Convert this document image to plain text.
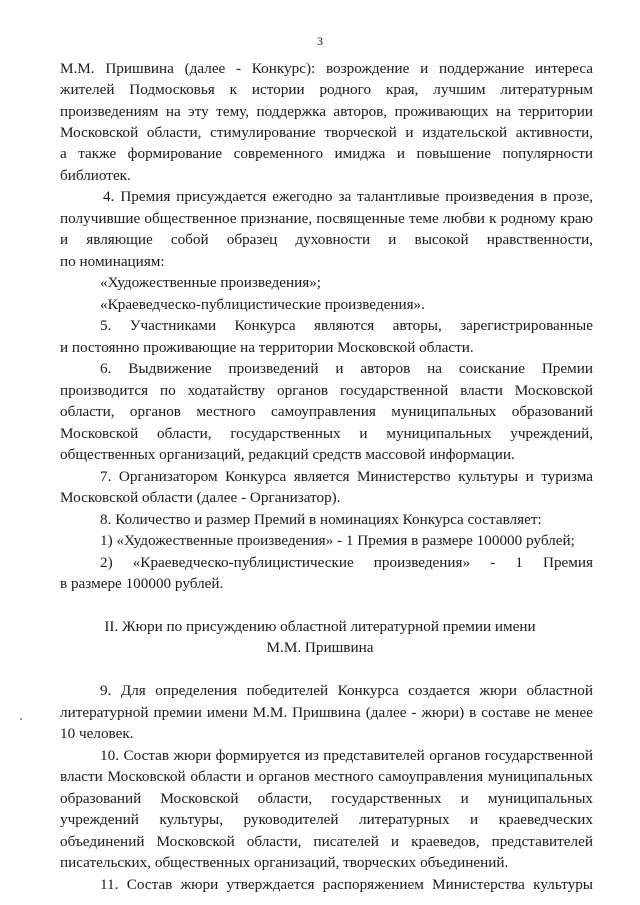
3
М.М. Пришвина (далее - Конкурс): возрождение и поддержание интереса
жителей Подмосковья к истории родного края, лучшим литературным
произведениям на эту тему, поддержка авторов, проживающих на территории
Московской области, стимулирование творческой и издательской активности,
а также формирование современного имиджа и повышение популярности
библиотек.
4. Премия присуждается ежегодно за талантливые произведения в прозе,
получившие общественное признание, посвященные теме любви к родному краю
и являющие собой образец духовности и высокой нравственности,
по номинациям:
«Художественные произведения»;
«Краеведческо-публицистические произведения».
5. Участниками Конкурса являются авторы, зарегистрированные
и постоянно проживающие на территории Московской области.
6. Выдвижение произведений и авторов на соискание Премии
производится по ходатайству органов государственной власти Московской
области, органов местного самоуправления муниципальных образований
Московской области, государственных и муниципальных учреждений,
общественных организаций, редакций средств массовой информации.
7. Организатором Конкурса является Министерство культуры и туризма
Московской области (далее - Организатор).
8. Количество и размер Премий в номинациях Конкурса составляет:
1) «Художественные произведения» - 1 Премия в размере 100000 рублей;
2) «Краеведческо-публицистические произведения» - 1 Премия
в размере 100000 рублей.
II. Жюри по присуждению областной литературной премии имени
М.М. Пришвина
9. Для определения победителей Конкурса создается жюри областной
литературной премии имени М.М. Пришвина (далее - жюри) в составе не менее
10 человек.
10. Состав жюри формируется из представителей органов государственной
власти Московской области и органов местного самоуправления муниципальных
образований Московской области, государственных и муниципальных
учреждений культуры, руководителей литературных и краеведческих
объединений Московской области, писателей и краеведов, представителей
писательских, общественных организаций, творческих объединений.
11. Состав жюри утверждается распоряжением Министерства культуры
